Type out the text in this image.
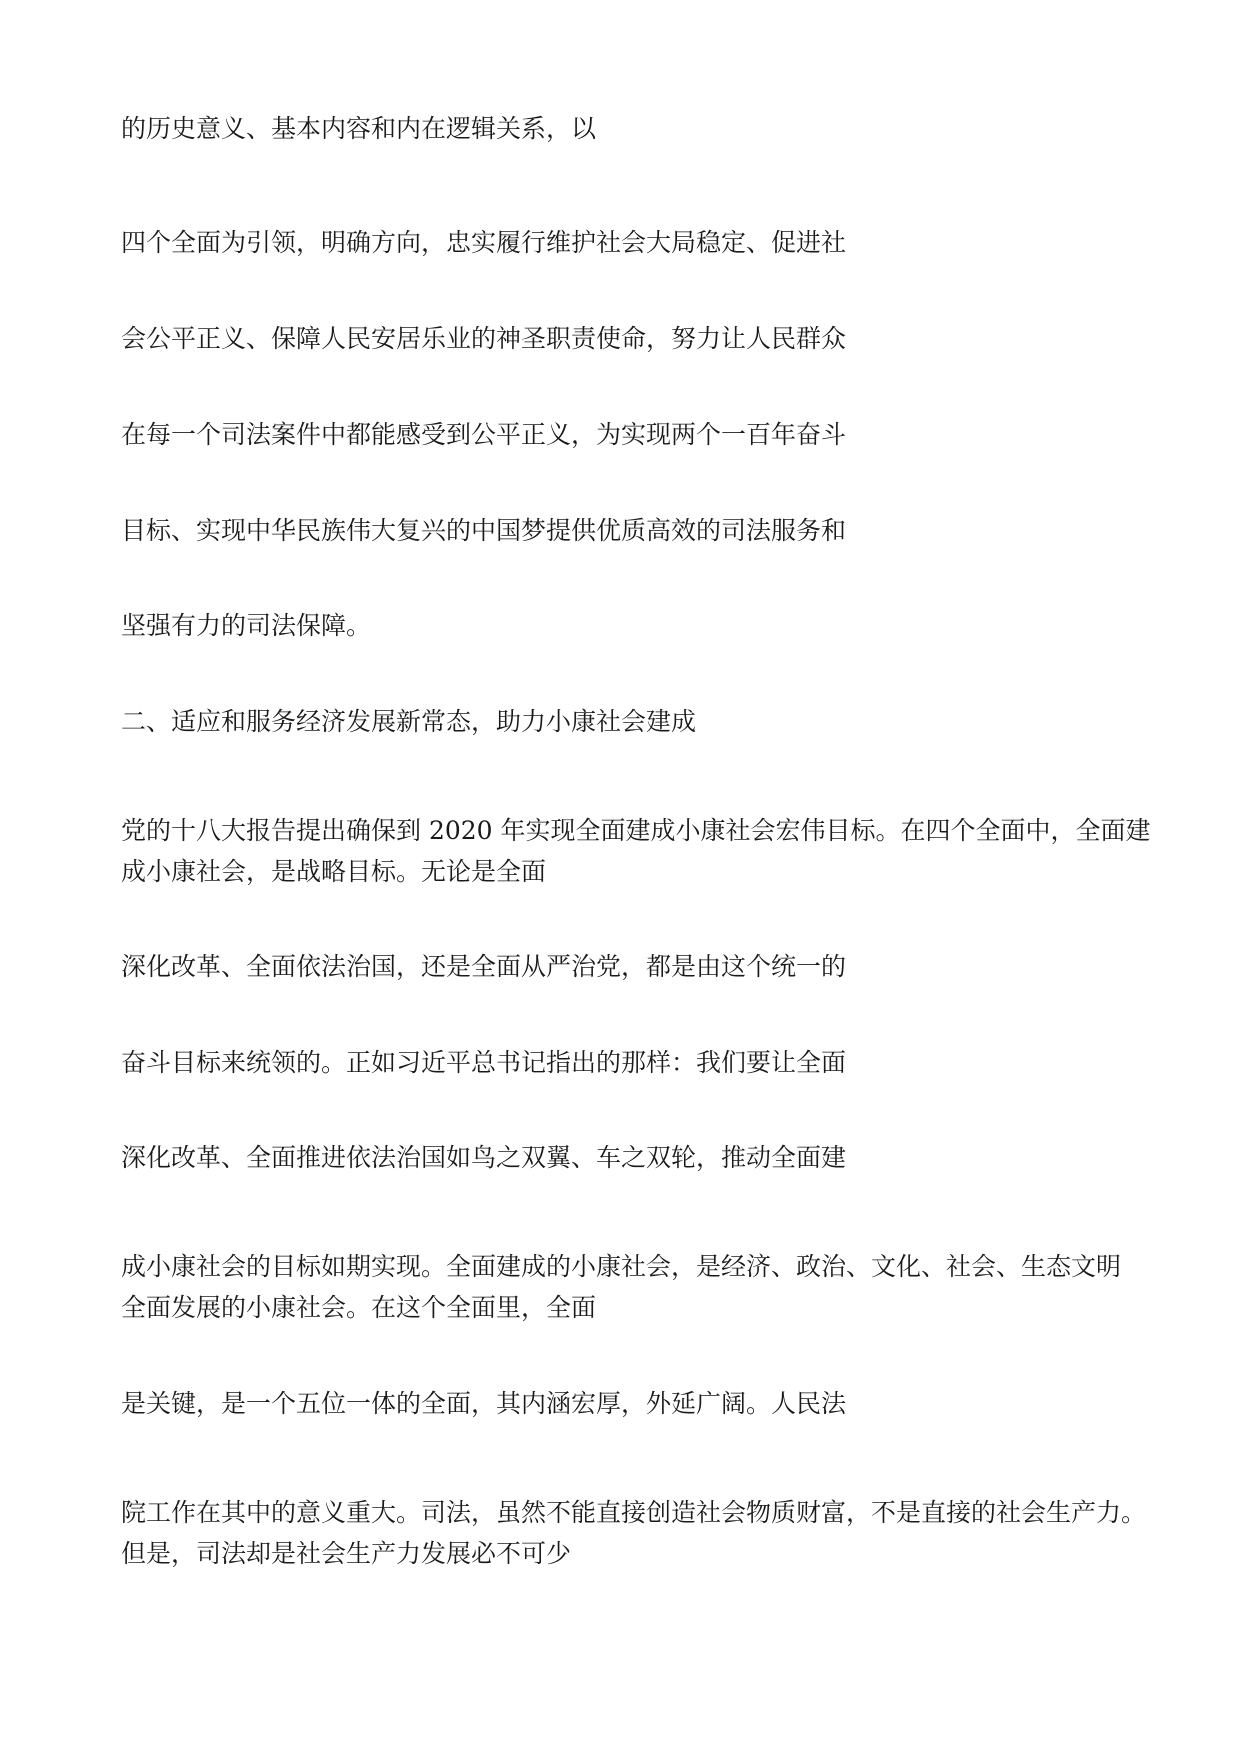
的历史意义、基本内容和内在逻辑关系，以
四个全面为引领，明确方向，忠实履行维护社会大局稳定、促进社
会公平正义、保障人民安居乐业的神圣职责使命，努力让人民群众
在每一个司法案件中都能感受到公平正义，为实现两个一百年奋斗
目标、实现中华民族伟大复兴的中国梦提供优质高效的司法服务和
坚强有力的司法保障。
二、适应和服务经济发展新常态，助力小康社会建成
党的十八大报告提出确保到 2020 年实现全面建成小康社会宏伟目标。在四个全面中，全面建
成小康社会，是战略目标。无论是全面
深化改革、全面依法治国，还是全面从严治党，都是由这个统一的
奋斗目标来统领的。正如习近平总书记指出的那样：我们要让全面
深化改革、全面推进依法治国如鸟之双翼、车之双轮，推动全面建
成小康社会的目标如期实现。全面建成的小康社会，是经济、政治、文化、社会、生态文明
全面发展的小康社会。在这个全面里，全面
是关键，是一个五位一体的全面，其内涵宏厚，外延广阔。人民法
院工作在其中的意义重大。司法，虽然不能直接创造社会物质财富，不是直接的社会生产力。
但是，司法却是社会生产力发展必不可少
